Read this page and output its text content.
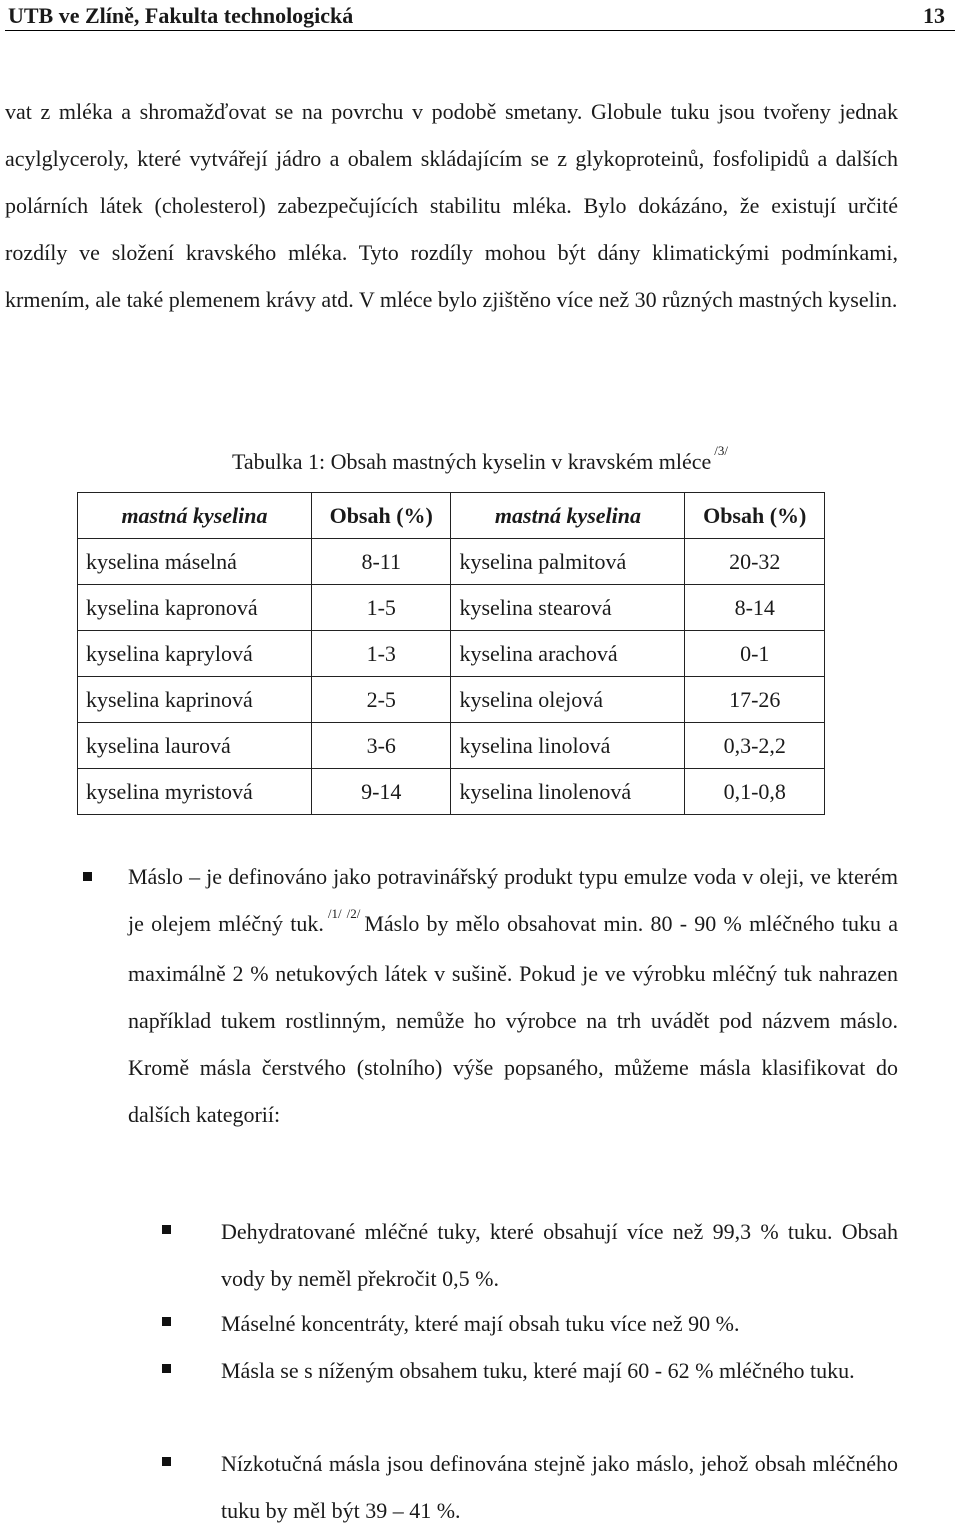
UTB ve Zlíně, Fakulta technologická	13

vat z mléka a shromažďovat se na povrchu v podobě smetany. Globule tuku jsou tvořeny jednak acylglyceroly, které vytvářejí jádro a obalem skládajícím se z glykoproteinů, fosfolipidů a dalších polárních látek (cholesterol) zabezpečujících stabilitu mléka. Bylo dokázáno, že existují určité rozdíly ve složení kravského mléka. Tyto rozdíly mohou být dány klimatickými podmínkami, krmením, ale také plemenem krávy atd. V mléce bylo zjištěno více než 30 různých mastných kyselin.

Tabulka 1: Obsah mastných kyselin v kravském mléce $^{/3/}$
mastná kyselina	Obsah (%)	mastná kyselina	Obsah (%)
kyselina máselná	8-11	kyselina palmitová	20-32
kyselina kapronová	1-5	kyselina stearová	8-14
kyselina kaprylová	1-3	kyselina arachová	0-1
kyselina kaprinová	2-5	kyselina olejová	17-26
kyselina laurová	3-6	kyselina linolová	0,3-2,2
kyselina myristová	9-14	kyselina linolenová	0,1-0,8

Máslo – je definováno jako potravinářský produkt typu emulze voda v oleji, ve kterém je olejem mléčný tuk. $^{/1/ /2/}$ Máslo by mělo obsahovat min. 80 - 90 % mléčného tuku a maximálně 2 % netukových látek v sušině. Pokud je ve výrobku mléčný tuk nahrazen například tukem rostlinným, nemůže ho výrobce na trh uvádět pod názvem máslo. Kromě másla čerstvého (stolního) výše popsaného, můžeme másla klasifikovat do dalších kategorií:

Dehydratované mléčné tuky, které obsahují více než 99,3 % tuku. Obsah vody by neměl překročit 0,5 %.

Máselné koncentráty, které mají obsah tuku více než 90 %.

Másla se s níženým obsahem tuku, které mají 60 - 62 % mléčného tuku.

Nízkotučná másla jsou definována stejně jako máslo, jehož obsah mléčného tuku by měl být 39 – 41 %.
